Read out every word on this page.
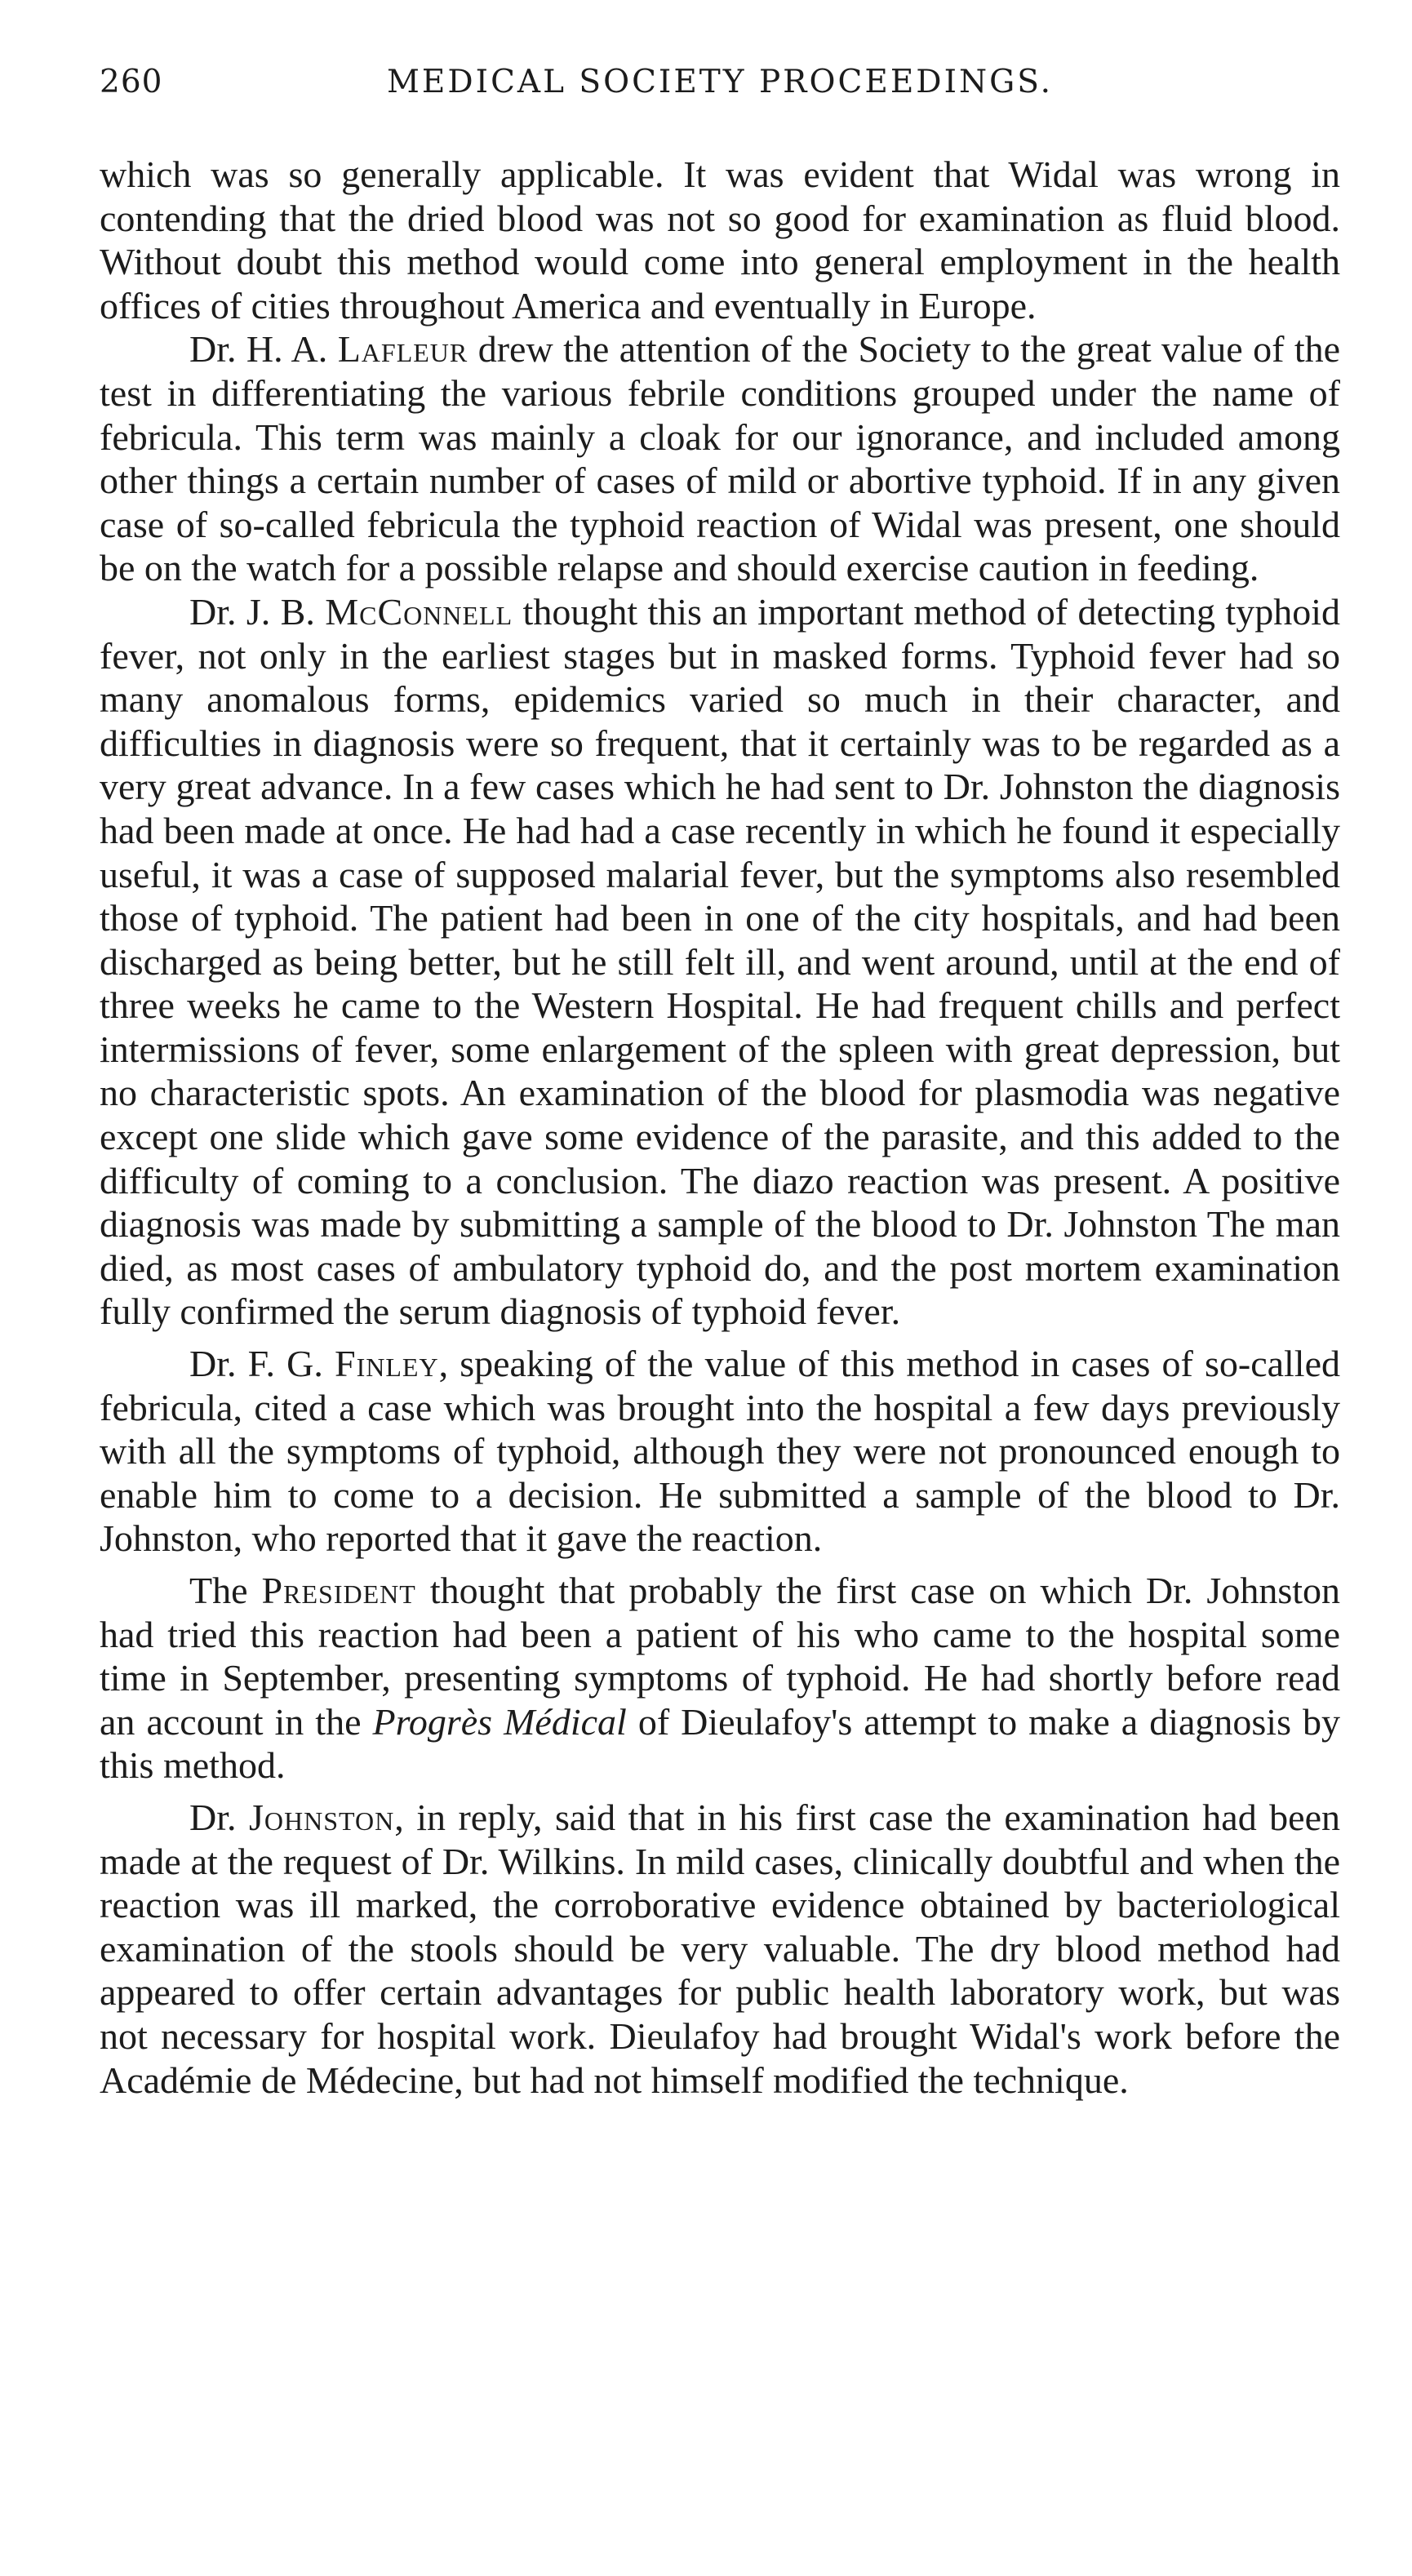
260	MEDICAL SOCIETY PROCEEDINGS.

which was so generally applicable. It was evident that Widal was wrong in contending that the dried blood was not so good for examination as fluid blood. Without doubt this method would come into general employment in the health offices of cities throughout America and eventually in Europe.

Dr. H. A. Lafleur drew the attention of the Society to the great value of the test in differentiating the various febrile conditions grouped under the name of febricula. This term was mainly a cloak for our ignorance, and included among other things a certain number of cases of mild or abortive typhoid. If in any given case of so-called febricula the typhoid reaction of Widal was present, one should be on the watch for a possible relapse and should exercise caution in feeding.

Dr. J. B. McConnell thought this an important method of detecting typhoid fever, not only in the earliest stages but in masked forms. Typhoid fever had so many anomalous forms, epidemics varied so much in their character, and difficulties in diagnosis were so frequent, that it certainly was to be regarded as a very great advance. In a few cases which he had sent to Dr. Johnston the diagnosis had been made at once. He had had a case recently in which he found it especially useful, it was a case of supposed malarial fever, but the symptoms also resembled those of typhoid. The patient had been in one of the city hospitals, and had been discharged as being better, but he still felt ill, and went around, until at the end of three weeks he came to the Western Hospital. He had frequent chills and perfect intermissions of fever, some enlargement of the spleen with great depression, but no characteristic spots. An examination of the blood for plasmodia was negative except one slide which gave some evidence of the parasite, and this added to the difficulty of coming to a conclusion. The diazo reaction was present. A positive diagnosis was made by submitting a sample of the blood to Dr. Johnston The man died, as most cases of ambulatory typhoid do, and the post mortem examination fully confirmed the serum diagnosis of typhoid fever.

Dr. F. G. Finley, speaking of the value of this method in cases of so-called febricula, cited a case which was brought into the hospital a few days previously with all the symptoms of typhoid, although they were not pronounced enough to enable him to come to a decision. He submitted a sample of the blood to Dr. Johnston, who reported that it gave the reaction.

The President thought that probably the first case on which Dr. Johnston had tried this reaction had been a patient of his who came to the hospital some time in September, presenting symptoms of typhoid. He had shortly before read an account in the Progrès Médical of Dieulafoy's attempt to make a diagnosis by this method.

Dr. Johnston, in reply, said that in his first case the examination had been made at the request of Dr. Wilkins. In mild cases, clinically doubtful and when the reaction was ill marked, the corroborative evidence obtained by bacteriological examination of the stools should be very valuable. The dry blood method had appeared to offer certain advantages for public health laboratory work, but was not necessary for hospital work. Dieulafoy had brought Widal's work before the Académie de Médecine, but had not himself modified the technique.
